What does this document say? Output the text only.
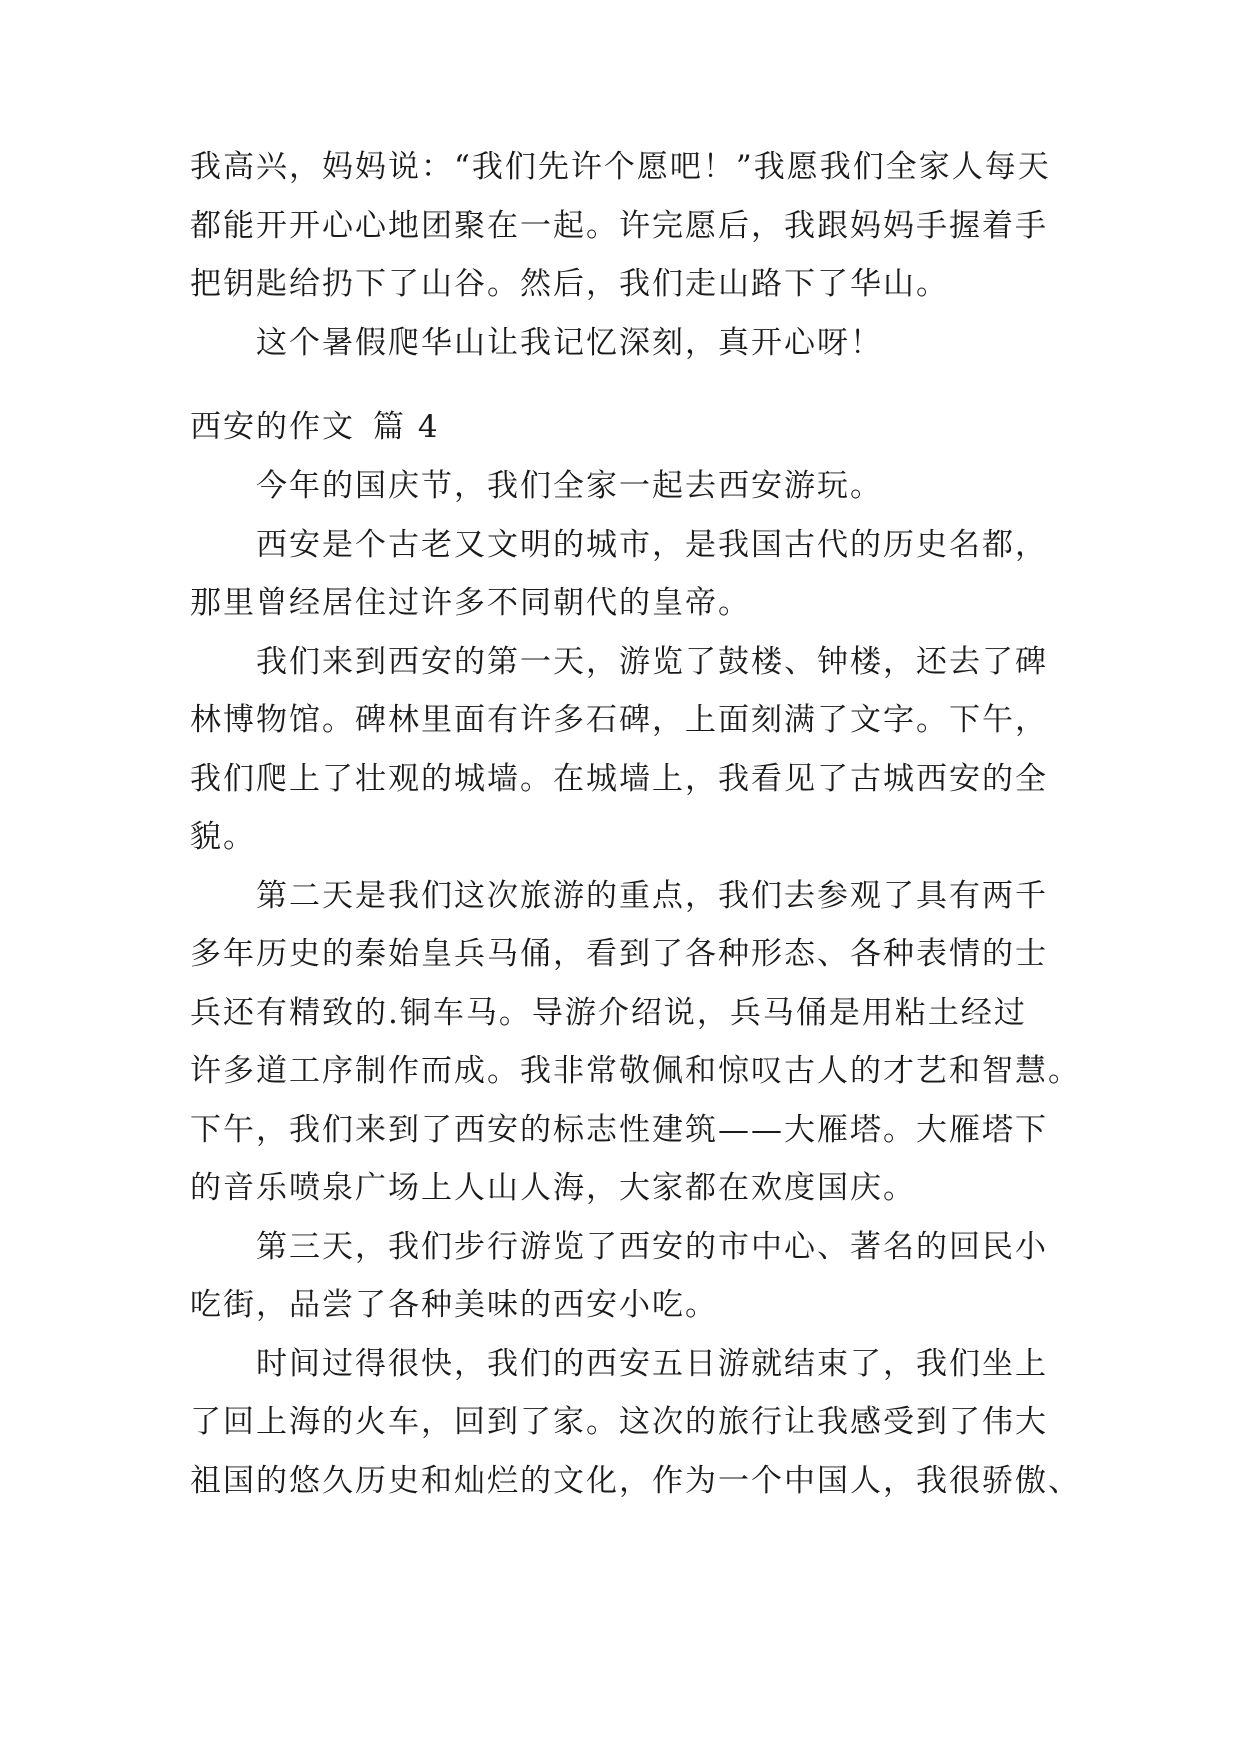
我高兴，妈妈说：“我们先许个愿吧！”我愿我们全家人每天
都能开开心心地团聚在一起。许完愿后，我跟妈妈手握着手
把钥匙给扔下了山谷。然后，我们走山路下了华山。
这个暑假爬华山让我记忆深刻，真开心呀！
西安的作文 篇 4
今年的国庆节，我们全家一起去西安游玩。
西安是个古老又文明的城市，是我国古代的历史名都，
那里曾经居住过许多不同朝代的皇帝。
我们来到西安的第一天，游览了鼓楼、钟楼，还去了碑
林博物馆。碑林里面有许多石碑，上面刻满了文字。下午，
我们爬上了壮观的城墙。在城墙上，我看见了古城西安的全
貌。
第二天是我们这次旅游的重点，我们去参观了具有两千
多年历史的秦始皇兵马俑，看到了各种形态、各种表情的士
兵还有精致的.铜车马。导游介绍说，兵马俑是用粘土经过
许多道工序制作而成。我非常敬佩和惊叹古人的才艺和智慧。
下午，我们来到了西安的标志性建筑——大雁塔。大雁塔下
的音乐喷泉广场上人山人海，大家都在欢度国庆。
第三天，我们步行游览了西安的市中心、著名的回民小
吃街，品尝了各种美味的西安小吃。
时间过得很快，我们的西安五日游就结束了，我们坐上
了回上海的火车，回到了家。这次的旅行让我感受到了伟大
祖国的悠久历史和灿烂的文化，作为一个中国人，我很骄傲、
